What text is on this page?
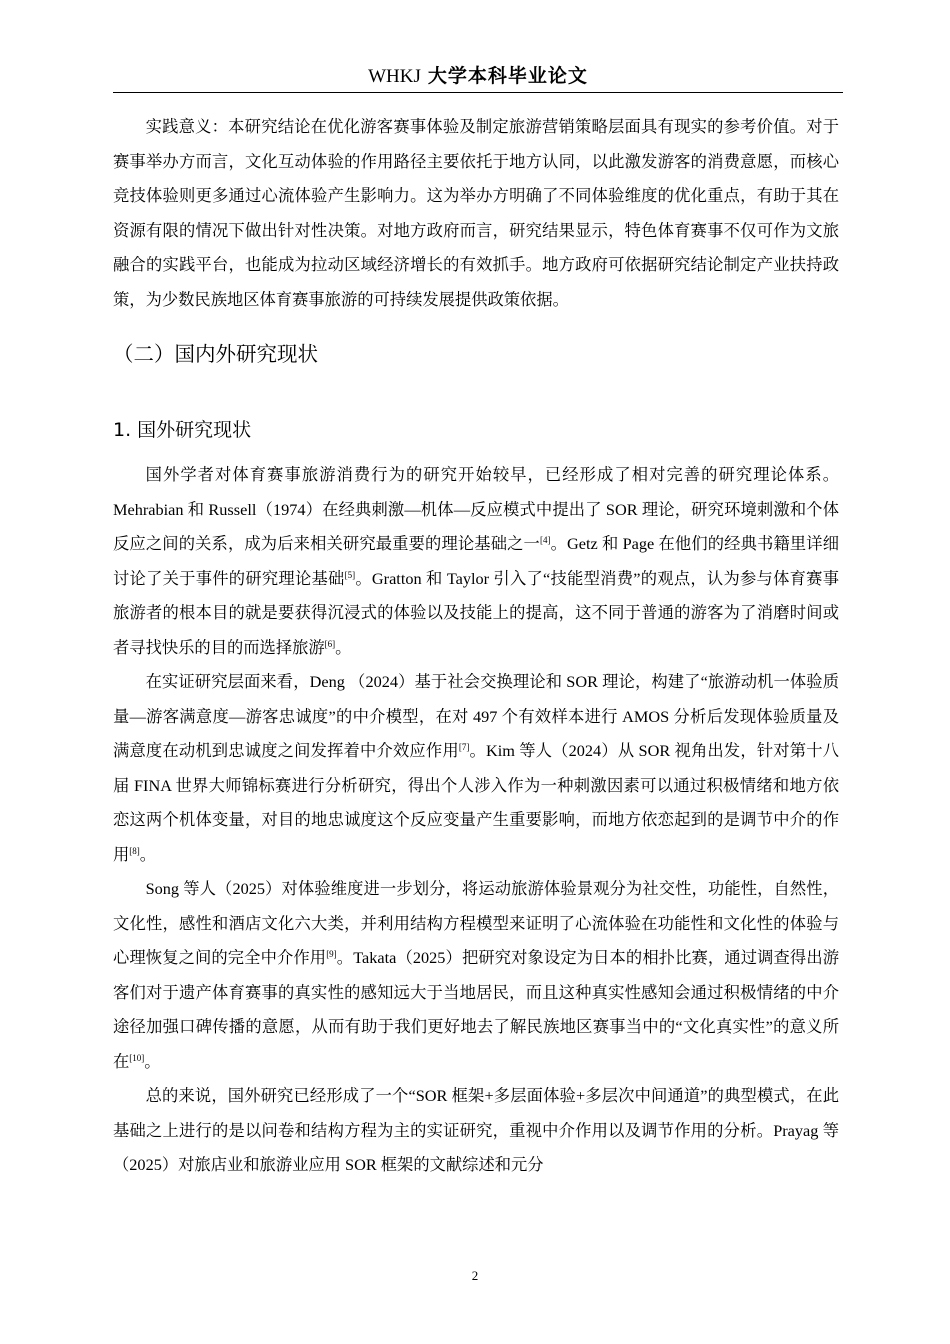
WHKJ 大学本科毕业论文

实践意义：本研究结论在优化游客赛事体验及制定旅游营销策略层面具有现实的参考价值。对于赛事举办方而言，文化互动体验的作用路径主要依托于地方认同，以此激发游客的消费意愿，而核心竞技体验则更多通过心流体验产生影响力。这为举办方明确了不同体验维度的优化重点，有助于其在资源有限的情况下做出针对性决策。对地方政府而言，研究结果显示，特色体育赛事不仅可作为文旅融合的实践平台，也能成为拉动区域经济增长的有效抓手。地方政府可依据研究结论制定产业扶持政策，为少数民族地区体育赛事旅游的可持续发展提供政策依据。

（二）国内外研究现状
1. 国外研究现状

国外学者对体育赛事旅游消费行为的研究开始较早，已经形成了相对完善的研究理论体系。Mehrabian 和 Russell（1974）在经典刺激—机体—反应模式中提出了 SOR 理论，研究环境刺激和个体反应之间的关系，成为后来相关研究最重要的理论基础之一[4]。Getz 和 Page 在他们的经典书籍里详细讨论了关于事件的研究理论基础[5]。Gratton 和 Taylor 引入了“技能型消费”的观点，认为参与体育赛事旅游者的根本目的就是要获得沉浸式的体验以及技能上的提高，这不同于普通的游客为了消磨时间或者寻找快乐的目的而选择旅游[6]。

在实证研究层面来看，Deng （2024）基于社会交换理论和 SOR 理论，构建了“旅游动机一体验质量—游客满意度—游客忠诚度”的中介模型，在对 497 个有效样本进行 AMOS 分析后发现体验质量及满意度在动机到忠诚度之间发挥着中介效应作用[7]。Kim 等人（2024）从 SOR 视角出发，针对第十八届 FINA 世界大师锦标赛进行分析研究，得出个人涉入作为一种刺激因素可以通过积极情绪和地方依恋这两个机体变量，对目的地忠诚度这个反应变量产生重要影响，而地方依恋起到的是调节中介的作用[8]。

Song 等人（2025）对体验维度进一步划分，将运动旅游体验景观分为社交性，功能性，自然性，文化性，感性和酒店文化六大类，并利用结构方程模型来证明了心流体验在功能性和文化性的体验与心理恢复之间的完全中介作用[9]。Takata（2025）把研究对象设定为日本的相扑比赛，通过调查得出游客们对于遗产体育赛事的真实性的感知远大于当地居民，而且这种真实性感知会通过积极情绪的中介途径加强口碑传播的意愿，从而有助于我们更好地去了解民族地区赛事当中的“文化真实性”的意义所在[10]。

总的来说，国外研究已经形成了一个“SOR 框架+多层面体验+多层次中间通道”的典型模式，在此基础之上进行的是以问卷和结构方程为主的实证研究，重视中介作用以及调节作用的分析。Prayag 等（2025）对旅店业和旅游业应用 SOR 框架的文献综述和元分

2
